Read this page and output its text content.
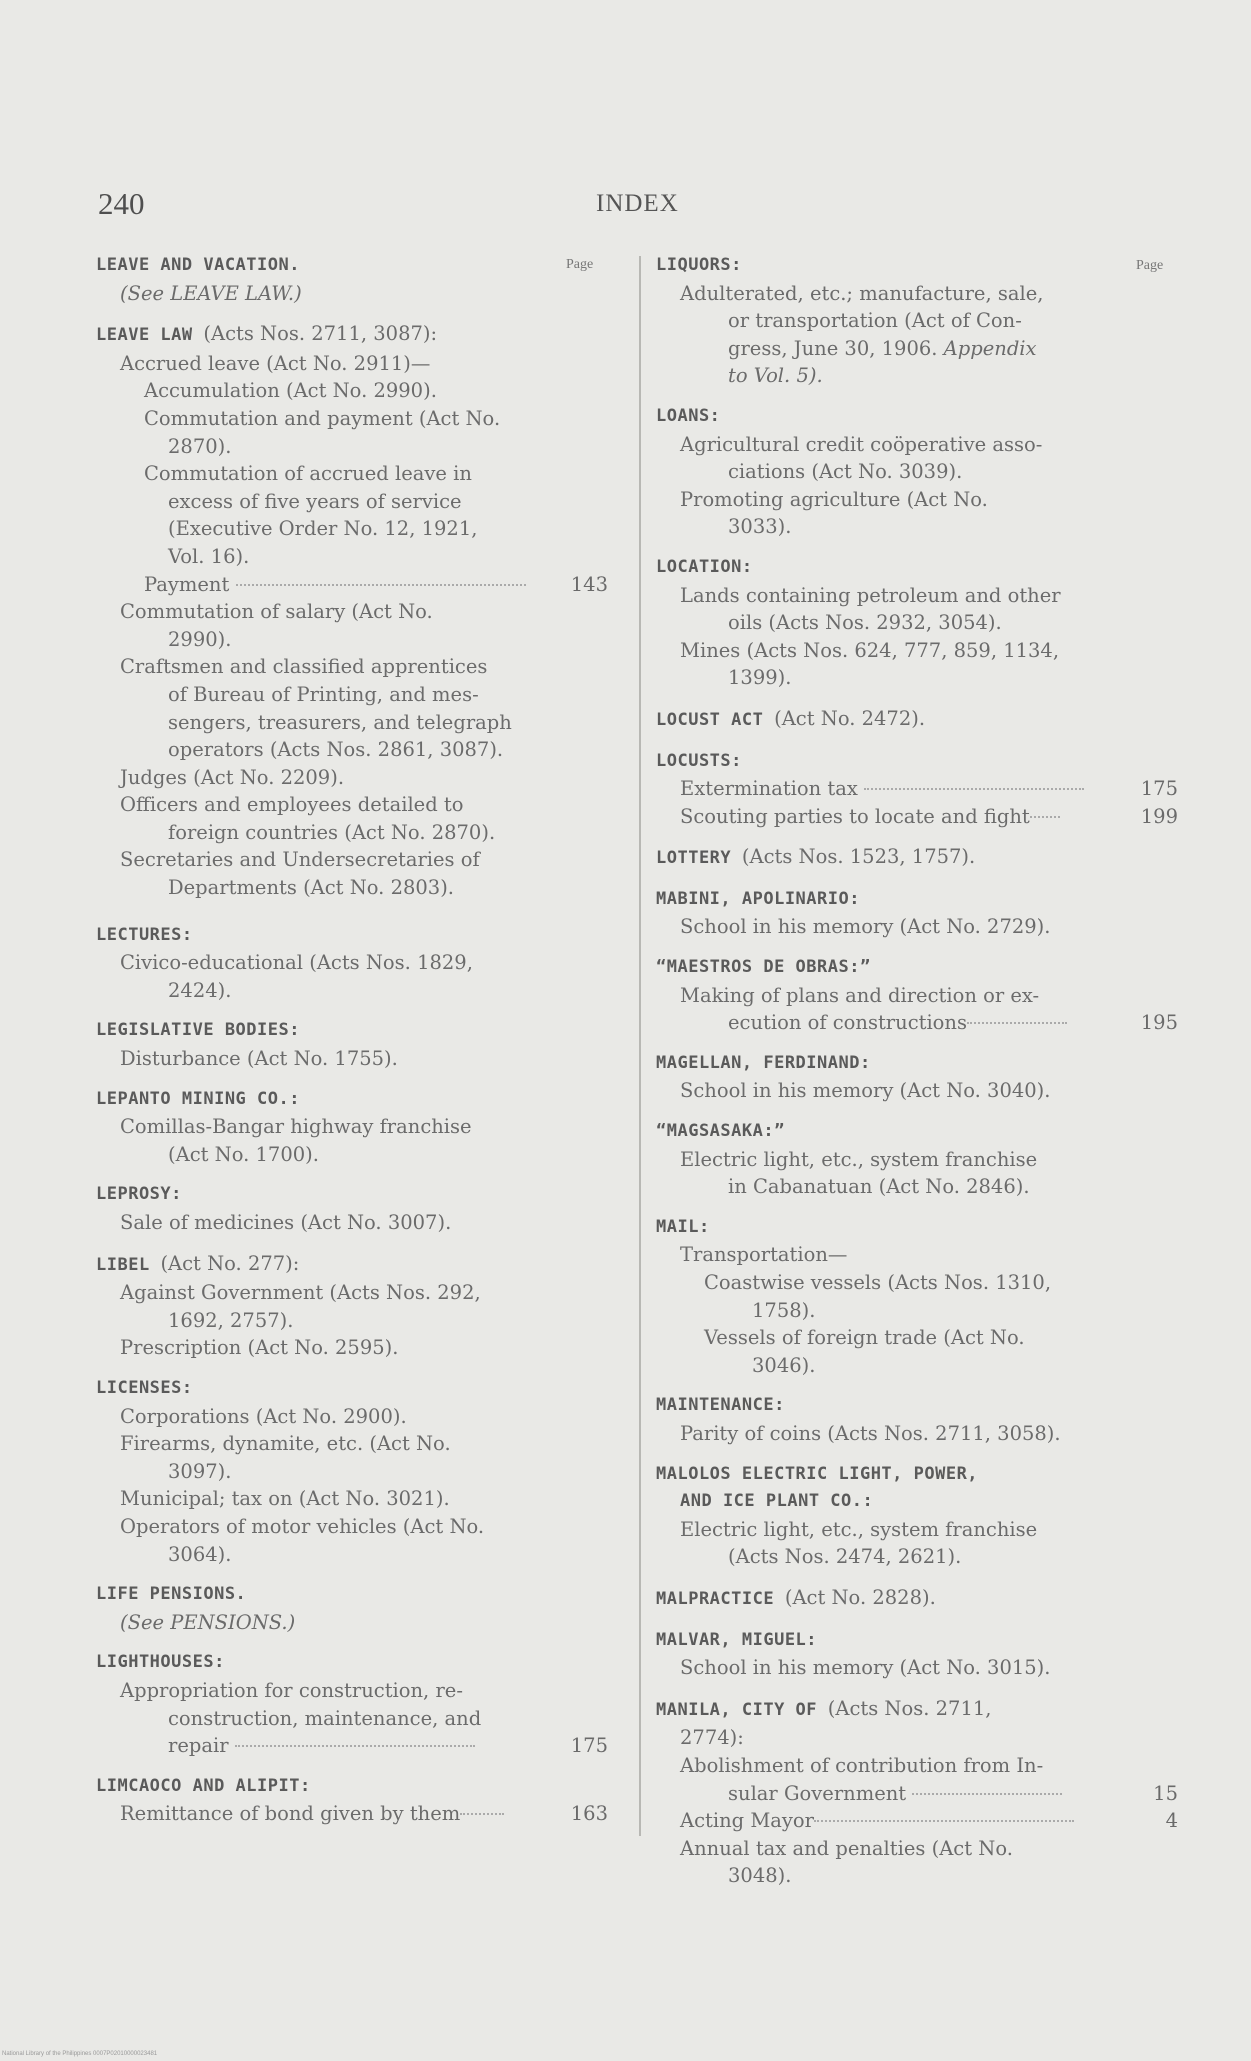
240	INDEX
Page	Page
LEAVE AND VACATION.
(See LEAVE LAW.)
LEAVE LAW (Acts Nos. 2711, 3087):
Accrued leave (Act No. 2911)—
Accumulation (Act No. 2990).
Commutation and payment (Act No.
2870).
Commutation of accrued leave in
excess of five years of service
(Executive Order No. 12, 1921,
Vol. 16).
Payment	143
Commutation of salary (Act No.
2990).
Craftsmen and classified apprentices
of Bureau of Printing, and mes-
sengers, treasurers, and telegraph
operators (Acts Nos. 2861, 3087).
Judges (Act No. 2209).
Officers and employees detailed to
foreign countries (Act No. 2870).
Secretaries and Undersecretaries of
Departments (Act No. 2803).
LECTURES:
Civico-educational (Acts Nos. 1829,
2424).
LEGISLATIVE BODIES:
Disturbance (Act No. 1755).
LEPANTO MINING CO.:
Comillas-Bangar highway franchise
(Act No. 1700).
LEPROSY:
Sale of medicines (Act No. 3007).
LIBEL (Act No. 277):
Against Government (Acts Nos. 292,
1692, 2757).
Prescription (Act No. 2595).
LICENSES:
Corporations (Act No. 2900).
Firearms, dynamite, etc. (Act No.
3097).
Municipal; tax on (Act No. 3021).
Operators of motor vehicles (Act No.
3064).
LIFE PENSIONS.
(See PENSIONS.)
LIGHTHOUSES:
Appropriation for construction, re-
construction, maintenance, and
repair	175
LIMCAOCO AND ALIPIT:
Remittance of bond given by them	163
LIQUORS:
Adulterated, etc.; manufacture, sale,
or transportation (Act of Con-
gress, June 30, 1906. Appendix
to Vol. 5).
LOANS:
Agricultural credit coöperative asso-
ciations (Act No. 3039).
Promoting agriculture (Act No.
3033).
LOCATION:
Lands containing petroleum and other
oils (Acts Nos. 2932, 3054).
Mines (Acts Nos. 624, 777, 859, 1134,
1399).
LOCUST ACT (Act No. 2472).
LOCUSTS:
Extermination tax	175
Scouting parties to locate and fight	199
LOTTERY (Acts Nos. 1523, 1757).
MABINI, APOLINARIO:
School in his memory (Act No. 2729).
“MAESTROS DE OBRAS:”
Making of plans and direction or ex-
ecution of constructions	195
MAGELLAN, FERDINAND:
School in his memory (Act No. 3040).
“MAGSASAKA:”
Electric light, etc., system franchise
in Cabanatuan (Act No. 2846).
MAIL:
Transportation—
Coastwise vessels (Acts Nos. 1310,
1758).
Vessels of foreign trade (Act No.
3046).
MAINTENANCE:
Parity of coins (Acts Nos. 2711, 3058).
MALOLOS ELECTRIC LIGHT, POWER,
AND ICE PLANT CO.:
Electric light, etc., system franchise
(Acts Nos. 2474, 2621).
MALPRACTICE (Act No. 2828).
MALVAR, MIGUEL:
School in his memory (Act No. 3015).
MANILA, CITY OF (Acts Nos. 2711,
2774):
Abolishment of contribution from In-
sular Government	15
Acting Mayor	4
Annual tax and penalties (Act No.
3048).
National Library of the Philippines 0007P02010000023481
